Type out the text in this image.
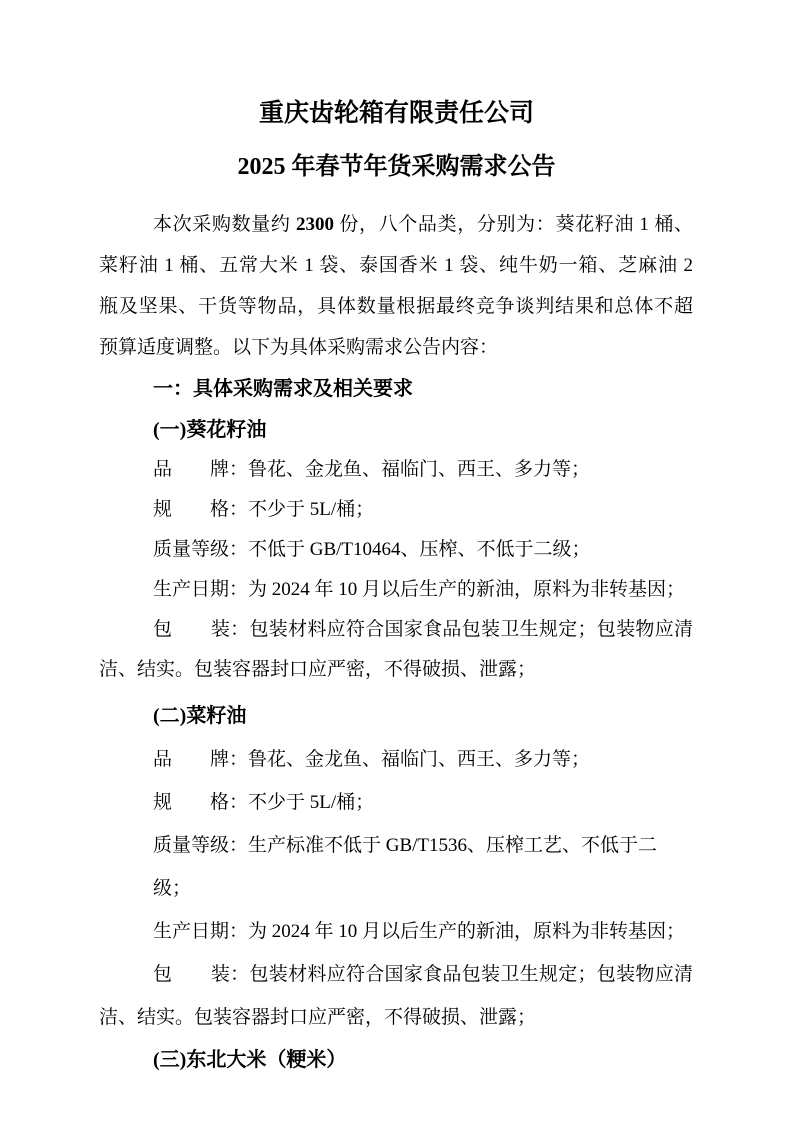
重庆齿轮箱有限责任公司
2025 年春节年货采购需求公告
本次采购数量约 2300 份，八个品类，分别为：葵花籽油 1 桶、
菜籽油 1 桶、五常大米 1 袋、泰国香米 1 袋、纯牛奶一箱、芝麻油 2
瓶及坚果、干货等物品，具体数量根据最终竞争谈判结果和总体不超
预算适度调整。以下为具体采购需求公告内容：
一：具体采购需求及相关要求
(一)葵花籽油
品　　牌：鲁花、金龙鱼、福临门、西王、多力等；
规　　格：不少于 5L/桶；
质量等级：不低于 GB/T10464、压榨、不低于二级；
生产日期：为 2024 年 10 月以后生产的新油，原料为非转基因；
包　　装：包装材料应符合国家食品包装卫生规定；包装物应清
洁、结实。包装容器封口应严密，不得破损、泄露；
(二)菜籽油
品　　牌：鲁花、金龙鱼、福临门、西王、多力等；
规　　格：不少于 5L/桶；
质量等级：生产标准不低于 GB/T1536、压榨工艺、不低于二级；
生产日期：为 2024 年 10 月以后生产的新油，原料为非转基因；
包　　装：包装材料应符合国家食品包装卫生规定；包装物应清
洁、结实。包装容器封口应严密，不得破损、泄露；
(三)东北大米（粳米）
